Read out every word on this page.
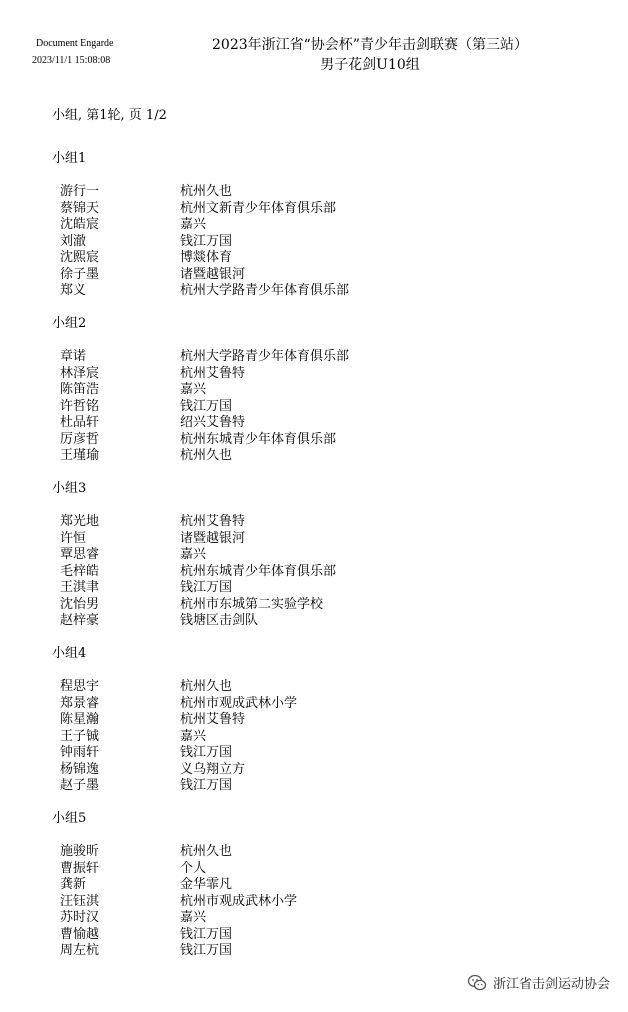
Document Engarde
2023/11/1 15:08:08
2023年浙江省“协会杯”青少年击剑联赛（第三站）
男子花剑U10组
小组, 第1轮, 页 1/2
小组1
游行一	杭州久也
蔡锦天	杭州文新青少年体育俱乐部
沈皓宸	嘉兴
刘澈	钱江万国
沈熙宸	博燚体育
徐子墨	诸暨越银河
郑义	杭州大学路青少年体育俱乐部
小组2
章诺	杭州大学路青少年体育俱乐部
林泽宸	杭州艾鲁特
陈笛浩	嘉兴
许哲铭	钱江万国
杜品轩	绍兴艾鲁特
厉彦哲	杭州东城青少年体育俱乐部
王瑾瑜	杭州久也
小组3
郑光地	杭州艾鲁特
许恒	诸暨越银河
覃思睿	嘉兴
毛梓皓	杭州东城青少年体育俱乐部
王淇聿	钱江万国
沈怡男	杭州市东城第二实验学校
赵梓豪	钱塘区击剑队
小组4
程思宇	杭州久也
郑景睿	杭州市观成武林小学
陈星瀚	杭州艾鲁特
王子铖	嘉兴
钟雨轩	钱江万国
杨锦逸	义乌翔立方
赵子墨	钱江万国
小组5
施骏昕	杭州久也
曹振轩	个人
龚新	金华霏凡
汪钰淇	杭州市观成武林小学
苏时汉	嘉兴
曹愉越	钱江万国
周左杭	钱江万国
浙江省击剑运动协会
